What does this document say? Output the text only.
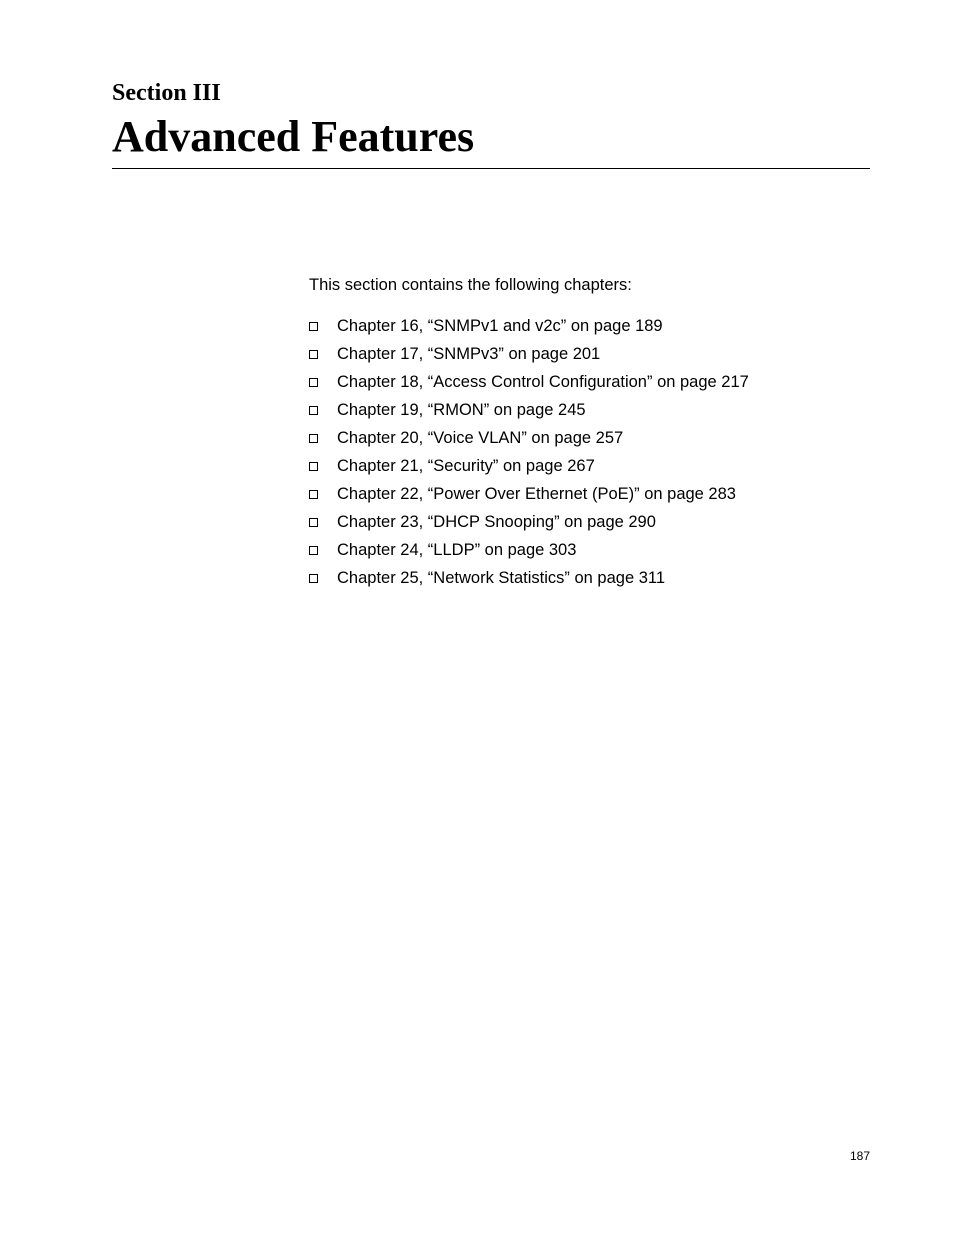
Section III
Advanced Features
This section contains the following chapters:
Chapter 16, “SNMPv1 and v2c” on page 189
Chapter 17, “SNMPv3” on page 201
Chapter 18, “Access Control Configuration” on page 217
Chapter 19, “RMON” on page 245
Chapter 20, “Voice VLAN” on page 257
Chapter 21, “Security” on page 267
Chapter 22, “Power Over Ethernet (PoE)” on page 283
Chapter 23, “DHCP Snooping” on page 290
Chapter 24, “LLDP” on page 303
Chapter 25, “Network Statistics” on page 311
187
